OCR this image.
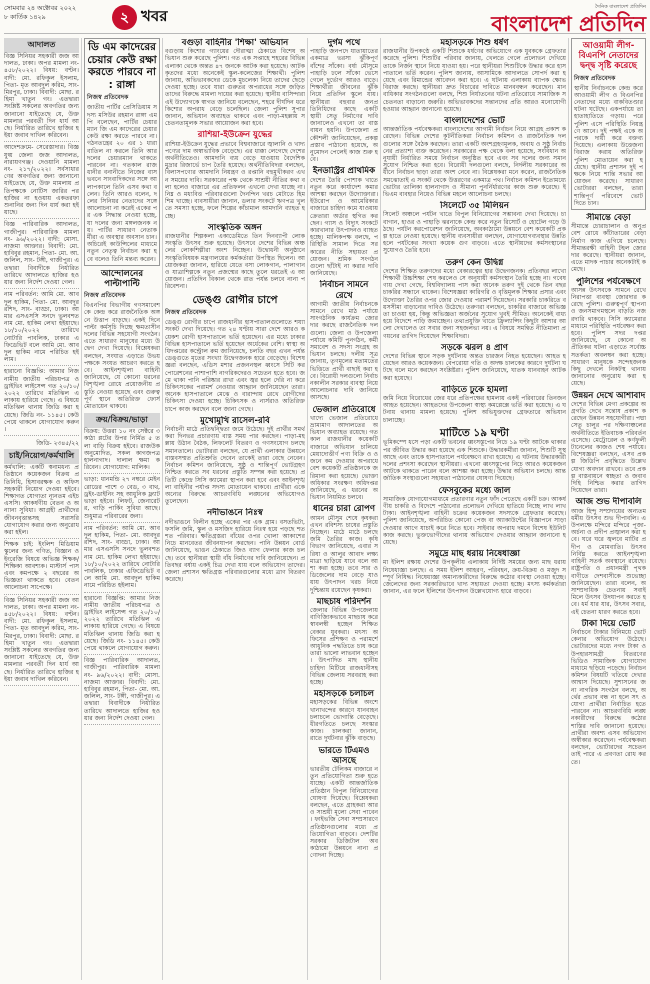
সোমবার ২৪ অক্টোবর ২০২২
৮ কার্তিক ১৪২৯	২ খবর	দৈনিক বাংলাদেশ প্রতিদিন
বাংলাদেশ প্রতিদিন
আদালত
বিজ্ঞ সিনিয়র সহকারী জজ আদালত, ঢাকা। অপর মামলা নং- ৪৫৮/২০২২। বিষয়: বণ্টন। বাদী: মো. রফিকুল ইসলাম, পিতা- মৃত আবদুল করিম, সাং- মিরপুর, ঢাকা। বিবাদী: মোছা. রহিমা খাতুন গং। এতদ্বারা সংশ্লিষ্ট সকলের অবগতির জন্য জানানো যাইতেছে যে, উক্ত মামলার পরবর্তী দিন ধার্য আছে। নির্ধারিত তারিখে হাজির হইয়া জবাব দাখিল করিবেন।
আদেশক্রমে- সেরেস্তাদার। বিজ্ঞ যুগ্ম জেলা জজ আদালত, নারায়ণগঞ্জ। দেওয়ানি মামলা নং- ২১৭/২০২২। সর্বসাধারণের অবগতির জন্য জানানো যাইতেছে যে, উক্ত মামলায় প্রতিপক্ষকে নোটিস জারির পর হাজির না হওয়ায় একতরফা শুনানির জন্য দিন ধার্য করা হইয়াছে।
বিজ্ঞ পারিবারিক আদালত, গাজীপুর। পারিবারিক মামলা নং- ৯৬/২০২২। বাদী: মোসা. নাজমা আক্তার। বিবাদী: মো. হাবিবুর রহমান, পিতা- মো. আ. জলিল, সাং- টঙ্গী, গাজীপুর। এতদ্বারা বিবাদীকে নির্ধারিত তারিখে আদালতে হাজির হওয়ার জন্য নির্দেশ দেওয়া গেল।
নাম পরিবর্তন: আমি মো. আবদুল হাকিম, পিতা- মো. আবদুর রশিদ, সাং- বাড্ডা, ঢাকা। আমার এসএসসি সনদে ভুলবশত নাম মো. হাকিম লেখা হইয়াছে। ১৮/১০/২০২২ তারিখে নোটারি পাবলিক, ঢাকার এফিডেভিট বলে আমি মো. আবদুল হাকিম নামে পরিচিত হইলাম।
হারানো বিজ্ঞপ্তি: আমার নিজ নামীয় জাতীয় পরিচয়পত্র ও ড্রাইভিং লাইসেন্স গত ২০/১০/২০২২ তারিখে মতিঝিল এলাকায় হারিয়ে গেছে। এ বিষয়ে মতিঝিল থানায় জিডি করা হয়েছে। জিডি নং- ১১৪৫। কেউ পেয়ে থাকলে যোগাযোগ করুন।
জিডি- ২৩৪৫/২২
চাই/নিয়োগ/কর্মখালি
কর্মখালি: একটি স্বনামধন্য প্রতিষ্ঠানে কয়েকজন বিক্রয় প্রতিনিধি, হিসাবরক্ষক ও অফিস সহকারী নিয়োগ দেওয়া হইবে। শিক্ষাগত যোগ্যতা ন্যূনতম এইচএসসি। আকর্ষণীয় বেতন ও অন্যান্য সুবিধা। আগ্রহী প্রার্থীদের জীবনবৃত্তান্তসহ সরাসরি যোগাযোগ করার জন্য অনুরোধ করা হইল।
শিক্ষক চাই: ইংলিশ মিডিয়াম স্কুলের জন্য গণিত, বিজ্ঞান ও ইংরেজি বিষয়ে অভিজ্ঞ শিক্ষক/শিক্ষিকা আবশ্যক। মাস্টার্স পাস এবং কমপক্ষে ২ বছরের অভিজ্ঞতা থাকতে হবে। বেতন আলোচনা সাপেক্ষে।
বিজ্ঞ সিনিয়র সহকারী জজ আদালত, ঢাকা। অপর মামলা নং- ৪৫৮/২০২২। বিষয়: বণ্টন। বাদী: মো. রফিকুল ইসলাম, পিতা- মৃত আবদুল করিম, সাং- মিরপুর, ঢাকা। বিবাদী: মোছা. রহিমা খাতুন গং। এতদ্বারা সংশ্লিষ্ট সকলের অবগতির জন্য জানানো যাইতেছে যে, উক্ত মামলার পরবর্তী দিন ধার্য আছে। নির্ধারিত তারিখে হাজির হইয়া জবাব দাখিল করিবেন।
ডি এম কাদেরের চেয়ার কেউ রক্ষা করতে পারবে না : রাঙ্গা
নিজস্ব প্রতিবেদক
জাতীয় পার্টির প্রেসিডিয়াম সদস্য মসিউর রহমান রাঙ্গা এমপি বলেছেন, পার্টির চেয়ারম্যান জি এম কাদেরের চেয়ার কেউ রক্ষা করতে পারবে না। গঠনতন্ত্রের ২০ এর ১ ধারা বাতিল না করলে তিনি আর দলের চেয়ারম্যান থাকতে পারবেন না। গতকাল রাজধানীর বনানীতে নিজের বাসভবনে সাংবাদিকদের সঙ্গে আলাপকালে তিনি এসব কথা বলেন। তিনি আরও বলেন, দলের সিনিয়র নেতাদের সঙ্গে আলোচনা না করেই একের পর এক সিদ্ধান্ত নেওয়া হচ্ছে, যা দলের জন্য মঙ্গলজনক নয়। পার্টির সাধারণ নেতাকর্মীরা এ অবস্থার অবসান চান। অচিরেই কাউন্সিলের মাধ্যমে নতুন নেতৃত্ব নির্বাচন করা হবে বলেও তিনি মন্তব্য করেন।
আন্দোলনের পাল্টাপাল্টি
নিজস্ব প্রতিবেদক
বিএনপির বিভাগীয় গণসমাবেশকে কেন্দ্র করে রাজনৈতিক অঙ্গনে উত্তাপ বাড়ছে। একই দিনে পাল্টা কর্মসূচি দিচ্ছে ক্ষমতাসীন দলের বিভিন্ন সহযোগী সংগঠন। এতে সাধারণ মানুষের মধ্যে উদ্বেগ দেখা দিয়েছে। বিশ্লেষকরা বলছেন, সংঘাত এড়াতে উভয় পক্ষকে সংযত আচরণ করতে হবে। আইনশৃঙ্খলা বাহিনী জানিয়েছে, যে কোনো ধরনের বিশৃঙ্খলা রোধে প্রয়োজনীয় প্রস্তুতি নেওয়া হয়েছে এবং গুরুত্বপূর্ণ স্থানে অতিরিক্ত ফোর্স মোতায়েন থাকবে।
ক্রয়/বিক্রয়/ভাড়া
বিক্রয়: উত্তরা ১০ নং সেক্টরে ৩ কাঠা প্লটের উপর নির্মিত ৫ তলা বাড়ি বিক্রয় হইবে। রাজউক অনুমোদিত, সকল কাগজপত্র হালনাগাদ। দালাল ক্ষমা করিবেন। যোগাযোগ: মালিক।
ভাড়া: ধানমন্ডি ২৭ নম্বরে মেইন রোডের পাশে ৩ বেড, ৩ বাথ, ড্রইং-ডাইনিং সহ আধুনিক ফ্ল্যাট ভাড়া হইবে। লিফট, জেনারেটর, গাড়ি পার্কিং সুবিধা আছে। শুধুমাত্র পরিবারের জন্য।
নাম পরিবর্তন: আমি মো. আবদুল হাকিম, পিতা- মো. আবদুর রশিদ, সাং- বাড্ডা, ঢাকা। আমার এসএসসি সনদে ভুলবশত নাম মো. হাকিম লেখা হইয়াছে। ১৮/১০/২০২২ তারিখে নোটারি পাবলিক, ঢাকার এফিডেভিট বলে আমি মো. আবদুল হাকিম নামে পরিচিত হইলাম।
হারানো বিজ্ঞপ্তি: আমার নিজ নামীয় জাতীয় পরিচয়পত্র ও ড্রাইভিং লাইসেন্স গত ২০/১০/২০২২ তারিখে মতিঝিল এলাকায় হারিয়ে গেছে। এ বিষয়ে মতিঝিল থানায় জিডি করা হয়েছে। জিডি নং- ১১৪৫। কেউ পেয়ে থাকলে যোগাযোগ করুন।
বিজ্ঞ পারিবারিক আদালত, গাজীপুর। পারিবারিক মামলা নং- ৯৬/২০২২। বাদী: মোসা. নাজমা আক্তার। বিবাদী: মো. হাবিবুর রহমান, পিতা- মো. আ. জলিল, সাং- টঙ্গী, গাজীপুর। এতদ্বারা বিবাদীকে নির্ধারিত তারিখে আদালতে হাজির হওয়ার জন্য নির্দেশ দেওয়া গেল।
বগুড়া বাহিনীর 'শিক্ষা' অভিযান
বগুড়ায় কিশোর গ্যাংয়ের দৌরাত্ম্য ঠেকাতে বিশেষ অভিযান শুরু করেছে পুলিশ। গত এক সপ্তাহে শহরের বিভিন্ন এলাকা থেকে অন্তত ৪৭ জনকে আটক করা হয়েছে। আটককৃতদের মধ্যে অনেকেই স্কুল-কলেজের শিক্ষার্থী। পুলিশ জানায়, অভিভাবকদের ডেকে মুচলেকা নিয়ে তাদের ছেড়ে দেওয়া হচ্ছে। তবে যারা গুরুতর অপরাধের সঙ্গে জড়িত তাদের বিরুদ্ধে মামলা দায়ের করা হয়েছে। স্থানীয় বাসিন্দারা এই উদ্যোগকে স্বাগত জানিয়ে বলেছেন, শহরে দীর্ঘদিন ধরে কিশোর অপরাধ বেড়ে চলেছিল। জেলা পুলিশ সুপার জানান, অভিযান অব্যাহত থাকবে এবং পাড়া-মহল্লায় সচেতনতামূলক সভার আয়োজন করা হবে।
রাশিয়া-ইউক্রেন যুদ্ধের
রাশিয়া-ইউক্রেন যুদ্ধের প্রভাবে বিশ্ববাজারে জ্বালানি ও খাদ্যপণ্যের দাম অস্বাভাবিক বেড়েছে। এর ধাক্কা লেগেছে দেশের অর্থনীতিতেও। আমদানি ব্যয় বেড়ে যাওয়ায় বৈদেশিক মুদ্রার রিজার্ভে চাপ তৈরি হয়েছে। অর্থনীতিবিদরা বলছেন, বিলাসপণ্যের আমদানি নিয়ন্ত্রণ ও রপ্তানি বহুমুখীকরণ এখন সময়ের দাবি। সরকারের পক্ষ থেকে সাশ্রয়ী নীতির কথা বলা হলেও বাজারে এর প্রতিফলন এখনো দেখা যাচ্ছে না। নিম্ন ও মধ্যবিত্ত পরিবারগুলো দৈনন্দিন খরচ মেটাতে হিমশিম খাচ্ছে। ব্যবসায়ীরা জানান, ডলার সংকটে ঋণপত্র খুলতে সমস্যা হচ্ছে, ফলে শিল্পের কাঁচামাল আমদানি ব্যাহত হচ্ছে।
সাংস্কৃতিক অঙ্গন
রাজধানীর শিল্পকলা একাডেমিতে তিন দিনব্যাপী লোকসংস্কৃতি উৎসব শুরু হয়েছে। উৎসবে দেশের বিভিন্ন অঞ্চলের লোকশিল্পীরা অংশ নিচ্ছেন। উদ্বোধনী অনুষ্ঠানে সংস্কৃতিবিষয়ক মন্ত্রণালয়ের কর্মকর্তারা উপস্থিত ছিলেন। আয়োজকরা জানান, হারিয়ে যেতে বসা লোকগান, পালাগান ও যাত্রাশিল্পকে নতুন প্রজন্মের কাছে তুলে ধরতেই এ আয়োজন। প্রতিদিন বিকাল থেকে রাত পর্যন্ত চলবে নানা পরিবেশনা।
ডেঙ্গু রোগীর চাপে
নিজস্ব প্রতিবেদক
ডেঙ্গু রোগীর চাপে রাজধানীর হাসপাতালগুলোতে শয্যা সংকট দেখা দিয়েছে। গত ২৪ ঘণ্টায় সারা দেশে আরও কয়েকশ রোগী হাসপাতালে ভর্তি হয়েছেন। এর মধ্যে ঢাকার বিভিন্ন হাসপাতালে ভর্তি হয়েছেন অর্ধেকের বেশি। স্বাস্থ্য অধিদপ্তরের কন্ট্রোল রুম জানিয়েছে, চলতি বছর এখন পর্যন্ত ডেঙ্গুতে মৃতের সংখ্যা উদ্বেগজনক হারে বেড়েছে। বিশেষজ্ঞরা বলছেন, এডিস মশার প্রজননস্থল ধ্বংসে সিটি করপোরেশনের পাশাপাশি নাগরিকদেরও সচেতন হতে হবে। জমে থাকা পানি পরিষ্কার রাখা এবং জ্বর হলে দেরি না করে চিকিৎসকের পরামর্শ নেওয়ার আহ্বান জানিয়েছেন তারা। অনেক হাসপাতালে মেঝে ও বারান্দায় রেখে রোগীদের চিকিৎসা দেওয়া হচ্ছে। চিকিৎসক ও নার্সরাও অতিরিক্ত চাপে কাজ করছেন বলে জানা গেছে।
মুখোমুখি রাসেল-রবি
নির্বাচনী মাঠে প্রতিদ্বন্দ্বিতা জমে উঠেছে। দুই প্রার্থীর সমর্থকরা দিনভর প্রচারণায় ব্যস্ত সময় পার করছেন। পাড়া-মহল্লায় উঠান বৈঠক, লিফলেট বিতরণ ও গণসংযোগ চলছে সমানতালে। ভোটাররা বলছেন, যে প্রার্থী এলাকার উন্নয়নে বাস্তবসম্মত প্রতিশ্রুতি দেবেন তাকেই তারা বেছে নেবেন। নির্বাচন কমিশন জানিয়েছে, সুষ্ঠু ও শান্তিপূর্ণ ভোটগ্রহণ নিশ্চিত করতে সব ধরনের প্রস্তুতি সম্পন্ন করা হয়েছে। প্রতিটি কেন্দ্রে সিসি ক্যামেরা স্থাপন করা হবে এবং আইনশৃঙ্খলা বাহিনীর পর্যাপ্ত সদস্য মোতায়েন থাকবে। প্রার্থীরা একে অন্যের বিরুদ্ধে আচরণবিধি লঙ্ঘনের অভিযোগও তুলেছেন।
নদীভাঙনে নিঃস্ব
নদীভাঙনে বিলীন হচ্ছে একের পর এক গ্রাম। বসতভিটা, ফসলি জমি, স্কুল ও মসজিদ হারিয়ে নিঃস্ব হয়ে পড়ছে শত শত পরিবার। ক্ষতিগ্রস্তরা বাঁধের ওপর খোলা আকাশের নিচে মানবেতর জীবনযাপন করছেন। পানি উন্নয়ন বোর্ড জানিয়েছে, ভাঙন ঠেকাতে জিও ব্যাগ ফেলার কাজ চলছে। তবে স্থানীয়রা স্থায়ী বাঁধ নির্মাণের দাবি জানিয়েছেন। প্রতিবছর বর্ষায় একই চিত্র দেখা যায় বলে অভিযোগ তাদের। জেলা প্রশাসন ক্ষতিগ্রস্ত পরিবারগুলোর মধ্যে ত্রাণ বিতরণ করেছে।
দুর্গম পথে
পাহাড়ি জনপদে যাতায়াতের একমাত্র ভরসা ঝুঁকিপূর্ণ বাঁশের সাঁকো। বর্ষা মৌসুমে পাহাড়ি ঢলে সাঁকো ভেসে গেলে দুর্ভোগ আরও বাড়ে। শিক্ষার্থীরা জীবনের ঝুঁকি নিয়ে প্রতিদিন স্কুলে যায়। স্থানীয়রা বহুবার জনপ্রতিনিধিদের কাছে একটি স্থায়ী সেতু নির্মাণের দাবি জানালেও এখনো তা বাস্তবায়ন হয়নি। উপজেলা প্রকৌশলী জানিয়েছেন, প্রকল্প প্রস্তাব পাঠানো হয়েছে, অনুমোদন পেলেই কাজ শুরু হবে।
ইনডাস্ট্রির প্রাথমিক
দেশের তৈরি পোশাক খাতে নতুন করে কার্যাদেশ কমার আশঙ্কা করছেন উদ্যোক্তারা। ইউরোপ ও আমেরিকার বাজারে চাহিদা কমে যাওয়ায় ক্রেতারা অর্ডার স্থগিত করছেন। গ্যাস ও বিদ্যুৎ সংকটে কারখানার উৎপাদনও ব্যাহত হচ্ছে। মালিকপক্ষ বলছে, পরিস্থিতি সামাল দিতে সরকারের নীতি সহায়তা প্রয়োজন। শ্রমিক সংগঠনগুলো ছাঁটাই না করার দাবি জানিয়েছে।
নির্বাচন সামনে রেখে
আগামী জাতীয় নির্বাচনকে সামনে রেখে মাঠ পর্যায়ে সাংগঠনিক কার্যক্রম জোরদার করছে রাজনৈতিক দলগুলো। জেলা ও উপজেলা পর্যায়ে কমিটি পুনর্গঠন, কর্মী সমাবেশ ও সদস্য সংগ্রহ অভিযান চলছে। দলীয় সূত্র জানায়, তৃণমূলের মতামতের ভিত্তিতে প্রার্থী বাছাই করা হবে। বিরোধী দলগুলো নির্বাচনকালীন সরকার ব্যবস্থা নিয়ে আলোচনার দাবি জানিয়ে আসছে।
ভেজাল প্রতিরোধে
খাদ্যে ভেজাল প্রতিরোধে ভ্রাম্যমাণ আদালতের অভিযান অব্যাহত রয়েছে। গতকাল রাজধানীর কয়েকটি বাজারে অভিযান চালিয়ে মেয়াদোত্তীর্ণ পণ্য বিক্রি ও ওজনে কম দেওয়ার অপরাধে বেশ কয়েকটি প্রতিষ্ঠানকে জরিমানা করা হয়েছে। ভোক্তা অধিকার সংরক্ষণ অধিদপ্তর জানিয়েছে, এ ধরনের অভিযান নিয়মিত চলবে।
ধানের চারা রোপণ
আমন মৌসুম শেষে কৃষকরা এখন রবিশস্য চাষের প্রস্তুতি নিচ্ছেন। মাঠে মাঠে চলছে জমি তৈরির কাজ। কৃষি বিভাগ জানিয়েছে, এবার সরিষা ও আলুর আবাদ লক্ষ্যমাত্রা ছাড়িয়ে যাবে বলে আশা করা হচ্ছে। তবে সার ও ডিজেলের দাম বেড়ে যাওয়ায় উৎপাদন খরচ নিয়ে দুশ্চিন্তায় রয়েছেন কৃষকরা।
মাছচাষ পরিদর্শন
জেলার বিভিন্ন উপজেলায় বাণিজ্যিকভাবে মাছচাষ করে স্বাবলম্বী হচ্ছেন শিক্ষিত বেকার যুবকরা। মৎস্য অফিসের প্রশিক্ষণ ও পরামর্শে আধুনিক পদ্ধতিতে চাষ করে তারা ভালো লাভবান হচ্ছেন। উৎপাদিত মাছ স্থানীয় চাহিদা মিটিয়ে রাজধানীসহ বিভিন্ন জেলায় সরবরাহ করা হচ্ছে।
মহাসড়কে চলাচল
মহাসড়কের বিভিন্ন অংশে খানাখন্দের কারণে যানবাহন চলাচলে ভোগান্তি বেড়েছে। ধীরগতিতে চলছে সংস্কারকাজ। চালকরা জানান, রাতে দুর্ঘটনার ঝুঁকি বাড়ছে।
ভারতে টিএমও আসছে
ভারতীয় টেলিকম বাজারে নতুন প্রতিযোগিতা শুরু হতে যাচ্ছে। একটি আন্তর্জাতিক প্রতিষ্ঠান বিপুল বিনিয়োগের ঘোষণা দিয়েছে। বিশ্লেষকরা বলছেন, এতে গ্রাহকরা আরও সাশ্রয়ী মূল্যে সেবা পাবেন। ফাইভজি সেবা সম্প্রসারণে প্রতিষ্ঠানগুলোর মধ্যে প্রতিযোগিতা বাড়বে। দেশটির সরকার ডিজিটাল অবকাঠামো উন্নয়নে নানা প্রণোদনা দিচ্ছে।
মহাসড়কে শিশু ধর্ষণ
রাজধানীর উপকণ্ঠে একটি শিশুকে ধর্ষণের অভিযোগে এক যুবককে গ্রেফতার করেছে পুলিশ। শিশুটির পরিবার জানায়, খেলতে গেলে প্রলোভন দেখিয়ে তাকে নির্জন স্থানে নিয়ে যাওয়া হয়। পরে স্থানীয়রা শিশুটিকে উদ্ধার করে হাসপাতালে ভর্তি করেন। পুলিশ জানায়, আসামিকে আদালতে সোপর্দ করা হয়েছে এবং রিমান্ডের আবেদন করা হবে। এ ঘটনায় এলাকায় ব্যাপক ক্ষোভ বিরাজ করছে। স্থানীয়রা দ্রুত বিচারের দাবিতে মানববন্ধন করেছেন। মানবাধিকার সংগঠনগুলো বলছে, শিশু নির্যাতনের ঘটনা প্রতিরোধে সামাজিক সচেতনতা বাড়ানো জরুরি। অভিভাবকদের সন্তানদের প্রতি আরও মনোযোগী হওয়ার আহ্বান জানানো হয়েছে।
বাংলাদেশের ভোট
আন্তর্জাতিক পর্যবেক্ষকরা বাংলাদেশের আগামী নির্বাচন নিয়ে আগ্রহ প্রকাশ করেছেন। বিভিন্ন দেশের কূটনীতিকরা নির্বাচন কমিশন ও রাজনৈতিক দলগুলোর সঙ্গে বৈঠক করছেন। তারা একটি অংশগ্রহণমূলক, অবাধ ও সুষ্ঠু নির্বাচনের প্রত্যাশা ব্যক্ত করেছেন। সরকারের পক্ষ থেকে বলা হয়েছে, সংবিধান অনুযায়ী নির্ধারিত সময়ে নির্বাচন অনুষ্ঠিত হবে এবং সব দলের জন্য সমান সুযোগ নিশ্চিত করা হবে। বিরোধী দলগুলো বলছে, নির্দলীয় সরকারের অধীনে নির্বাচন ছাড়া তারা অংশ নেবে না। বিশ্লেষকরা মনে করেন, রাজনৈতিক সমঝোতাই এ সংকট থেকে উত্তরণের একমাত্র পথ। নির্বাচন কমিশন ইতোমধ্যে ভোটার তালিকা হালনাগাদ ও সীমানা পুনর্নির্ধারণের কাজ শুরু করেছে। ইভিএম ব্যবহার নিয়েও বিভিন্ন মহলে আলোচনা চলছে।
সিলেটে ৩৫ মিলিয়ন
সিলেট অঞ্চলে পর্যটন খাতে বিপুল বিনিয়োগের সম্ভাবনা দেখা দিয়েছে। চা বাগান, হাওর ও পাহাড়ি ঝরনাকে কেন্দ্র করে নতুন রিসোর্ট ও হোটেল গড়ে উঠছে। পর্যটন করপোরেশন জানিয়েছে, অবকাঠামো উন্নয়নে বেশ কয়েকটি প্রকল্প হাতে নেওয়া হয়েছে। স্থানীয় ব্যবসায়ীরা বলছেন, যোগাযোগব্যবস্থার উন্নতি হলে পর্যটকের সংখ্যা কয়েক গুণ বাড়বে। এতে স্থানীয়দের কর্মসংস্থানের সুযোগও তৈরি হবে।
তরুণ কেন উদ্বিগ্ন
দেশের শিক্ষিত তরুণদের মধ্যে বেকারত্বের হার উদ্বেগজনক। প্রতিবছর লাখো শিক্ষার্থী উচ্চশিক্ষা শেষ করলেও সে অনুযায়ী কর্মসংস্থান তৈরি হচ্ছে না। গবেষণায় দেখা গেছে, বিশ্ববিদ্যালয় পাস করা অনেক তরুণ দুই থেকে তিন বছর চাকরির সন্ধানে থাকেন। বিশেষজ্ঞরা কারিগরি ও বৃত্তিমূলক শিক্ষার প্রসার এবং উদ্যোক্তা তৈরির ওপর জোর দেওয়ার পরামর্শ দিয়েছেন। সরকারি চাকরিতে বয়সসীমা বাড়ানোর দাবিও উঠেছে। তরুণরা বলছেন, চাকরির বাজারে অভিজ্ঞতা চাওয়া হয়, কিন্তু অভিজ্ঞতা অর্জনের সুযোগ খুবই সীমিত। অনেকেই বাধ্য হয়ে বিদেশে পাড়ি জমাচ্ছেন। তথ্যপ্রযুক্তি খাতে ফ্রিল্যান্সিং কিছুটা আশার আলো দেখালেও তা সবার জন্য সহজলভ্য নয়। এ বিষয়ে সমন্বিত নীতিমালা প্রণয়নের তাগিদ দিয়েছেন শিক্ষাবিদরা।
সড়কে ঝরল ৪ প্রাণ
দেশের বিভিন্ন স্থানে সড়ক দুর্ঘটনায় অন্তত চারজন নিহত হয়েছেন। আহত হয়েছেন আরও কয়েকজন। বেপরোয়া গতি ও অদক্ষ চালকের কারণে দুর্ঘটনা ঘটছে বলে মনে করছেন সংশ্লিষ্টরা। পুলিশ জানিয়েছে, ঘাতক যানবাহন আটক করা হয়েছে।
বাড়িতে ঢুকে হামলা
জমি নিয়ে বিরোধের জের ধরে প্রতিপক্ষের হামলায় একই পরিবারের তিনজন আহত হয়েছেন। আহতদের উপজেলা স্বাস্থ্য কমপ্লেক্সে ভর্তি করা হয়েছে। এ ঘটনায় থানায় মামলা হয়েছে। পুলিশ অভিযুক্তদের গ্রেফতারে অভিযান চালাচ্ছে।
মাটিতে ১৯ ঘণ্টা
ভূমিকম্পে ধসে পড়া একটি ভবনের ধ্বংসস্তূপের নিচে ১৯ ঘণ্টা আটকে থাকার পর জীবিত উদ্ধার করা হয়েছে এক শিশুকে। উদ্ধারকর্মীরা জানান, শিশুটি সুস্থ আছে এবং তাকে হাসপাতালে পর্যবেক্ষণে রাখা হয়েছে। এ ঘটনায় উদ্ধারকারী দলের প্রশংসা করেছেন স্থানীয়রা। এখনো ধ্বংসস্তূপের নিচে আরও কয়েকজন আটকে থাকতে পারেন বলে আশঙ্কা করা হচ্ছে। উদ্ধার অভিযান চলছে। আন্তর্জাতিক সংস্থাগুলো সহায়তা পাঠানোর ঘোষণা দিয়েছে।
ফেসবুকের মধ্যে জাল
সামাজিক যোগাযোগমাধ্যমে প্রতারণার নতুন ফাঁদ পেতেছে একটি চক্র। আকর্ষণীয় চাকরি ও বিদেশে পাঠানোর প্রলোভন দেখিয়ে হাতিয়ে নিচ্ছে লাখ লাখ টাকা। আইনশৃঙ্খলা বাহিনী চক্রের কয়েকজন সদস্যকে গ্রেফতার করেছে। পুলিশ জানিয়েছে, অপরিচিত কোনো পেজ বা অ্যাকাউন্টের বিজ্ঞাপনে সাড়া দেওয়ার আগে যাচাই করে নিতে হবে। সাইবার অপরাধ দমনে বিশেষ ইউনিট কাজ করছে। ভুক্তভোগীদের থানায় অভিযোগ দেওয়ার আহ্বান জানানো হয়েছে।
সমুদ্রে মাছ ধরায় নিষেধাজ্ঞা
মা ইলিশ রক্ষায় দেশের উপকূলীয় এলাকায় নির্দিষ্ট সময়ের জন্য মাছ ধরায় নিষেধাজ্ঞা চলছে। এ সময় ইলিশ আহরণ, পরিবহন, ক্রয়-বিক্রয় ও মজুদ সম্পূর্ণ নিষিদ্ধ। নিষেধাজ্ঞা অমান্যকারীদের বিরুদ্ধে কঠোর ব্যবস্থা নেওয়া হচ্ছে। জেলেদের জন্য সরকারিভাবে খাদ্য সহায়তা দেওয়া হচ্ছে। মৎস্য কর্মকর্তারা জানান, এর ফলে ইলিশের উৎপাদন উল্লেখযোগ্য হারে বাড়বে।
আওয়ামী লীগ-বিএনপি নেতাদের দ্বন্দ্ব সৃষ্টি করেছে
নিজস্ব প্রতিবেদক
স্থানীয় নির্বাচনকে কেন্দ্র করে আওয়ামী লীগ ও বিএনপির নেতাদের মধ্যে বাকবিতণ্ডার ঘটনা ঘটেছে। একপর্যায়ে তা হাতাহাতিতে গড়ায়। পরে পুলিশ এসে পরিস্থিতি নিয়ন্ত্রণে আনে। দুই পক্ষই একে অপরকে দায়ী করে বক্তব্য দিয়েছে। এলাকায় উত্তেজনা বিরাজ করায় অতিরিক্ত পুলিশ মোতায়েন করা হয়েছে। স্থানীয় প্রশাসন দুই পক্ষকে নিয়ে শান্তি সভার আয়োজন করেছে। সাধারণ ভোটাররা বলছেন, তারা শান্তিপূর্ণ পরিবেশে ভোট দিতে চান।
সীমান্তে বেড়া
সীমান্তে চোরাচালান ও অনুপ্রবেশ রোধে কাঁটাতারের বেড়া নির্মাণ কাজ এগিয়ে চলেছে। সীমান্তরক্ষী বাহিনী টহল জোরদার করেছে। স্থানীয়রা জানান, এতে মাদক পাচার অনেকটাই কমেছে।
পুলিশের পর্যবেক্ষণে
আসন্ন উৎসবকে সামনে রেখে নিরাপত্তা ব্যবস্থা জোরদার করেছে পুলিশ। গুরুত্বপূর্ণ স্থাপনা ও জনসমাগমস্থলে বাড়তি নজরদারি থাকবে। সিসি ক্যামেরার মাধ্যমে পরিস্থিতি পর্যবেক্ষণ করা হবে। পুলিশ সদর দপ্তর জানিয়েছে, যে কোনো অপ্রীতিকর ঘটনা এড়াতে সর্বোচ্চ সতর্কতা অবলম্বন করা হচ্ছে। সাধারণ মানুষকে সন্দেহজনক কিছু দেখলে নিকটস্থ থানায় জানানোর অনুরোধ করা হয়েছে।
উন্নয়ন দেখে আশাবাদ
দেশের বিভিন্ন মেগা প্রকল্পের অগ্রগতি দেখে সন্তোষ প্রকাশ করেছেন উন্নয়ন সহযোগীরা। পদ্মা সেতু চালুর পর দক্ষিণাঞ্চলের অর্থনীতিতে ইতিবাচক পরিবর্তন এসেছে। মেট্রোরেল ও কর্ণফুলী টানেলের কাজও শেষ পর্যায়ে। বিশেষজ্ঞরা বলছেন, এসব প্রকল্প জিডিপি প্রবৃদ্ধিতে উল্লেখযোগ্য অবদান রাখবে। তবে প্রকল্প বাস্তবায়নে স্বচ্ছতা ও জবাবদিহি নিশ্চিত করার তাগিদ দিয়েছেন তারা।
আজ শুভ দীপাবলি
আজ হিন্দু সম্প্রদায়ের অন্যতম ধর্মীয় উৎসব শুভ দীপাবলি। এ উপলক্ষে মন্দিরে মন্দিরে পূজা-অর্চনা ও প্রদীপ প্রজ্বালন করা হবে। ঘরে ঘরে জ্বলবে মাটির প্রদীপ ও মোমবাতি। উৎসব নির্বিঘ্ন করতে আইনশৃঙ্খলা বাহিনী সতর্ক অবস্থানে রয়েছে। রাষ্ট্রপতি ও প্রধানমন্ত্রী পৃথক বাণীতে দেশবাসীকে শুভেচ্ছা জানিয়েছেন। তারা বলেন, অসাম্প্রদায়িক চেতনায় সবাই মিলে উৎসব উদযাপন করতে হবে। ধর্ম যার যার, উৎসব সবার, এই চেতনা ধারণ করতে হবে।
টাকা দিয়ে ভোট
নির্বাচনে টাকার বিনিময়ে ভোট কেনার অভিযোগ উঠেছে। ভোটারদের মধ্যে নগদ টাকা ও উপহারসামগ্রী বিতরণের ভিডিও সামাজিক যোগাযোগমাধ্যমে ছড়িয়ে পড়েছে। নির্বাচন কমিশন বিষয়টি খতিয়ে দেখার আশ্বাস দিয়েছে। সুশাসনের জন্য নাগরিক সংগঠন বলছে, অর্থের প্রভাব বন্ধ না হলে সৎ ও যোগ্য প্রার্থীরা নির্বাচিত হতে পারবেন না। আচরণবিধি লঙ্ঘনকারীদের বিরুদ্ধে কঠোর শাস্তির দাবি জানানো হয়েছে। প্রার্থীরা অবশ্য এসব অভিযোগ অস্বীকার করেছেন। পর্যবেক্ষকরা বলছেন, ভোটারদের সচেতনতাই পারে এ প্রবণতা রোধ করতে।
